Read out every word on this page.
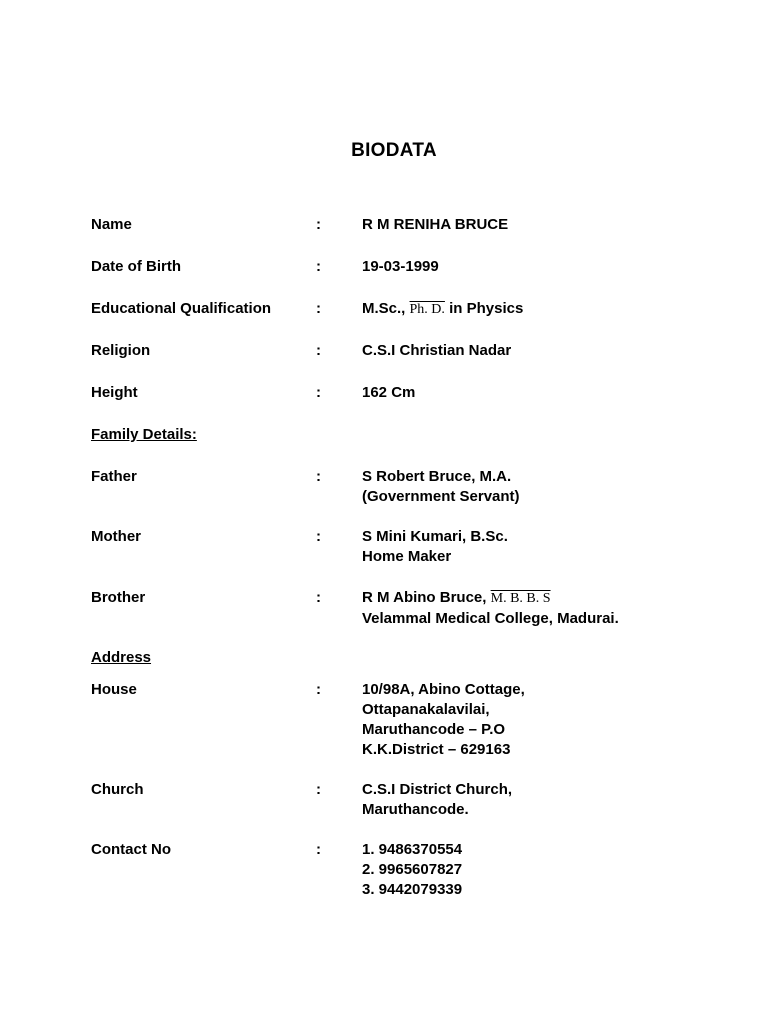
BIODATA
Name	:	R M RENIHA BRUCE
Date of Birth	:	19-03-1999
Educational Qualification	:	M.Sc., Ph. D. in Physics
Religion	:	C.S.I Christian Nadar
Height	:	162 Cm
Family Details:
Father	:	S Robert Bruce, M.A.
(Government Servant)
Mother	:	S Mini Kumari, B.Sc.
Home Maker
Brother	:	R M Abino Bruce, M. B. B. S
Velammal Medical College, Madurai.
Address
House	:	10/98A, Abino Cottage,
Ottapanakalavilai,
Maruthancode – P.O
K.K.District – 629163
Church	:	C.S.I District Church,
Maruthancode.
Contact No	:	1. 9486370554
2. 9965607827
3. 9442079339
